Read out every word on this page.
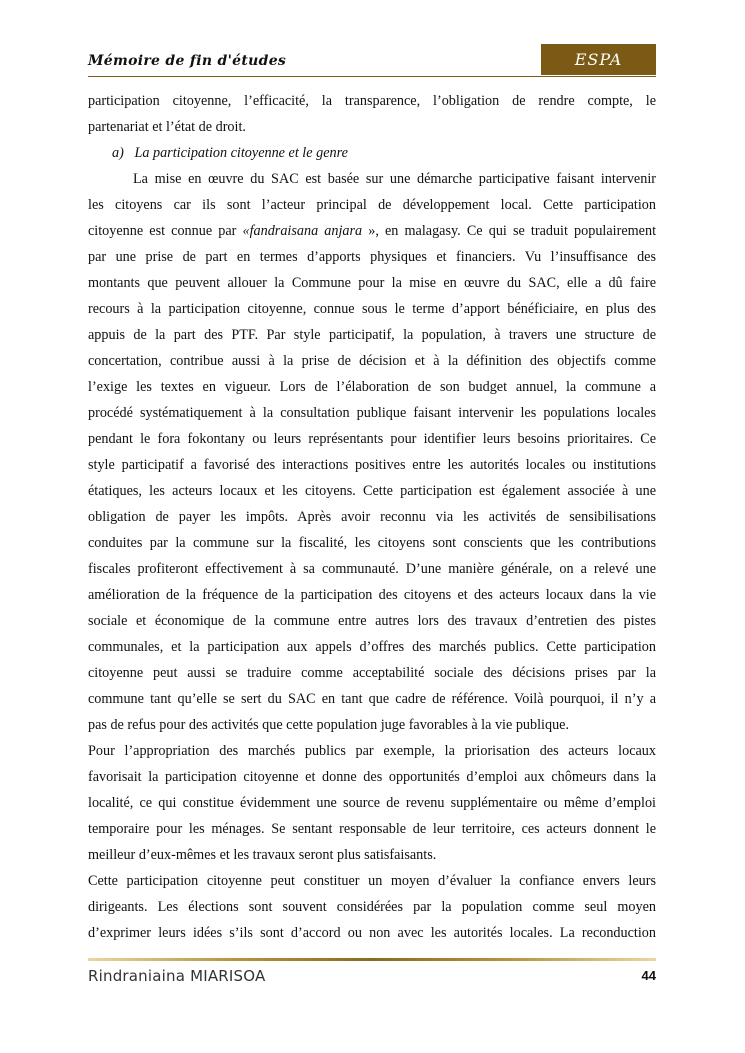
Mémoire de fin d'études	ESPA
participation citoyenne, l’efficacité, la transparence, l’obligation de rendre compte, le
partenariat et l’état de droit.
a)   La participation citoyenne et le genre
La mise en œuvre du SAC est basée sur une démarche participative faisant intervenir
les citoyens car ils sont l’acteur principal de développement local. Cette participation
citoyenne est connue par «fandraisana anjara », en malagasy. Ce qui se traduit populairement
par une prise de part en termes d’apports physiques et financiers. Vu l’insuffisance des
montants que peuvent allouer la Commune pour la mise en œuvre du SAC, elle a dû faire
recours à la participation citoyenne, connue sous le terme d’apport bénéficiaire, en plus des
appuis de la part des PTF. Par style participatif, la population, à travers une structure de
concertation, contribue aussi à la prise de décision et à la définition des objectifs comme
l’exige les textes en vigueur. Lors de l’élaboration de son budget annuel, la commune a
procédé systématiquement à la consultation publique faisant intervenir les populations locales
pendant le fora fokontany ou leurs représentants pour identifier leurs besoins prioritaires. Ce
style participatif a favorisé des interactions positives entre les autorités locales ou institutions
étatiques, les acteurs locaux et les citoyens. Cette participation est également associée à une
obligation de payer les impôts. Après avoir reconnu via les activités de sensibilisations
conduites par la commune sur la fiscalité, les citoyens sont conscients que les contributions
fiscales profiteront effectivement à sa communauté. D’une manière générale, on a relevé une
amélioration de la fréquence de la participation des citoyens et des acteurs locaux dans la vie
sociale et économique de la commune entre autres lors des travaux d’entretien des pistes
communales, et la participation aux appels d’offres des marchés publics. Cette participation
citoyenne peut aussi se traduire comme acceptabilité sociale des décisions prises par la
commune tant qu’elle se sert du SAC en tant que cadre de référence. Voilà pourquoi, il n’y a
pas de refus pour des activités que cette population juge favorables à la vie publique.
Pour l’appropriation des marchés publics par exemple, la priorisation des acteurs locaux
favorisait la participation citoyenne et donne des opportunités d’emploi aux chômeurs dans la
localité, ce qui constitue évidemment une source de revenu supplémentaire ou même d’emploi
temporaire pour les ménages. Se sentant responsable de leur territoire, ces acteurs donnent le
meilleur d’eux-mêmes et les travaux seront plus satisfaisants.
Cette participation citoyenne peut constituer un moyen d’évaluer la confiance envers leurs
dirigeants. Les élections sont souvent considérées par la population comme seul moyen
d’exprimer leurs idées s’ils sont d’accord ou non avec les autorités locales. La reconduction
Rindraniaina MIARISOA	44
